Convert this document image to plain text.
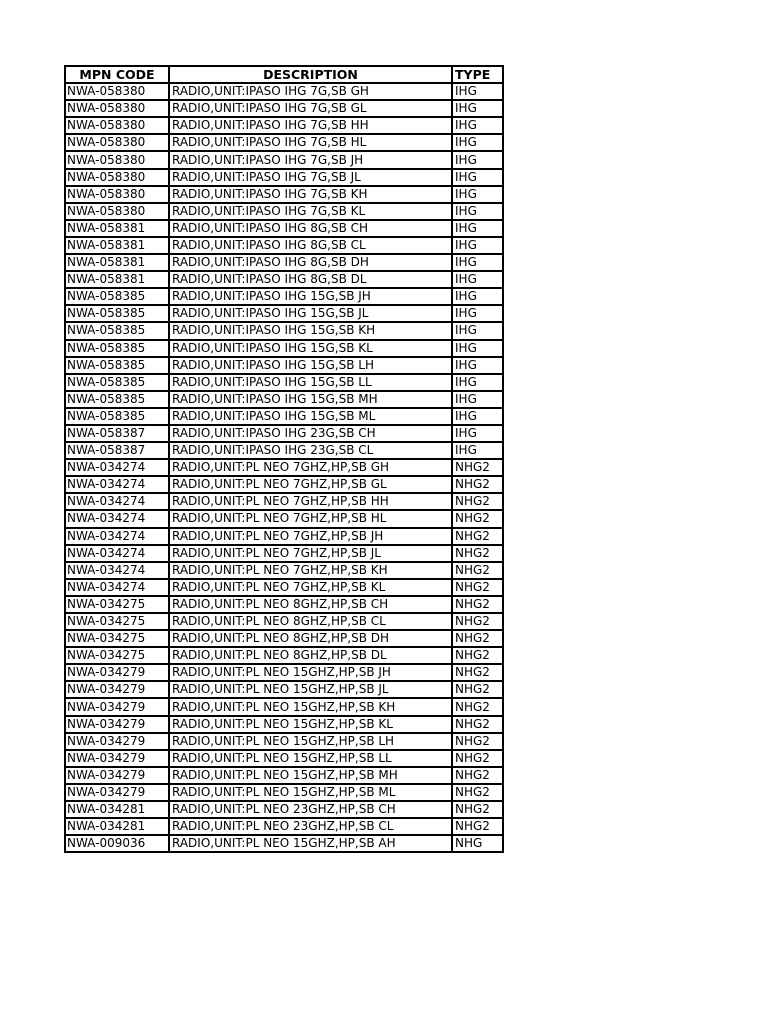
MPN CODE	DESCRIPTION	TYPE
NWA-058380	RADIO,UNIT:IPASO IHG 7G,SB GH	IHG
NWA-058380	RADIO,UNIT:IPASO IHG 7G,SB GL	IHG
NWA-058380	RADIO,UNIT:IPASO IHG 7G,SB HH	IHG
NWA-058380	RADIO,UNIT:IPASO IHG 7G,SB HL	IHG
NWA-058380	RADIO,UNIT:IPASO IHG 7G,SB JH	IHG
NWA-058380	RADIO,UNIT:IPASO IHG 7G,SB JL	IHG
NWA-058380	RADIO,UNIT:IPASO IHG 7G,SB KH	IHG
NWA-058380	RADIO,UNIT:IPASO IHG 7G,SB KL	IHG
NWA-058381	RADIO,UNIT:IPASO IHG 8G,SB CH	IHG
NWA-058381	RADIO,UNIT:IPASO IHG 8G,SB CL	IHG
NWA-058381	RADIO,UNIT:IPASO IHG 8G,SB DH	IHG
NWA-058381	RADIO,UNIT:IPASO IHG 8G,SB DL	IHG
NWA-058385	RADIO,UNIT:IPASO IHG 15G,SB JH	IHG
NWA-058385	RADIO,UNIT:IPASO IHG 15G,SB JL	IHG
NWA-058385	RADIO,UNIT:IPASO IHG 15G,SB KH	IHG
NWA-058385	RADIO,UNIT:IPASO IHG 15G,SB KL	IHG
NWA-058385	RADIO,UNIT:IPASO IHG 15G,SB LH	IHG
NWA-058385	RADIO,UNIT:IPASO IHG 15G,SB LL	IHG
NWA-058385	RADIO,UNIT:IPASO IHG 15G,SB MH	IHG
NWA-058385	RADIO,UNIT:IPASO IHG 15G,SB ML	IHG
NWA-058387	RADIO,UNIT:IPASO IHG 23G,SB CH	IHG
NWA-058387	RADIO,UNIT:IPASO IHG 23G,SB CL	IHG
NWA-034274	RADIO,UNIT:PL NEO 7GHZ,HP,SB GH	NHG2
NWA-034274	RADIO,UNIT:PL NEO 7GHZ,HP,SB GL	NHG2
NWA-034274	RADIO,UNIT:PL NEO 7GHZ,HP,SB HH	NHG2
NWA-034274	RADIO,UNIT:PL NEO 7GHZ,HP,SB HL	NHG2
NWA-034274	RADIO,UNIT:PL NEO 7GHZ,HP,SB JH	NHG2
NWA-034274	RADIO,UNIT:PL NEO 7GHZ,HP,SB JL	NHG2
NWA-034274	RADIO,UNIT:PL NEO 7GHZ,HP,SB KH	NHG2
NWA-034274	RADIO,UNIT:PL NEO 7GHZ,HP,SB KL	NHG2
NWA-034275	RADIO,UNIT:PL NEO 8GHZ,HP,SB CH	NHG2
NWA-034275	RADIO,UNIT:PL NEO 8GHZ,HP,SB CL	NHG2
NWA-034275	RADIO,UNIT:PL NEO 8GHZ,HP,SB DH	NHG2
NWA-034275	RADIO,UNIT:PL NEO 8GHZ,HP,SB DL	NHG2
NWA-034279	RADIO,UNIT:PL NEO 15GHZ,HP,SB JH	NHG2
NWA-034279	RADIO,UNIT:PL NEO 15GHZ,HP,SB JL	NHG2
NWA-034279	RADIO,UNIT:PL NEO 15GHZ,HP,SB KH	NHG2
NWA-034279	RADIO,UNIT:PL NEO 15GHZ,HP,SB KL	NHG2
NWA-034279	RADIO,UNIT:PL NEO 15GHZ,HP,SB LH	NHG2
NWA-034279	RADIO,UNIT:PL NEO 15GHZ,HP,SB LL	NHG2
NWA-034279	RADIO,UNIT:PL NEO 15GHZ,HP,SB MH	NHG2
NWA-034279	RADIO,UNIT:PL NEO 15GHZ,HP,SB ML	NHG2
NWA-034281	RADIO,UNIT:PL NEO 23GHZ,HP,SB CH	NHG2
NWA-034281	RADIO,UNIT:PL NEO 23GHZ,HP,SB CL	NHG2
NWA-009036	RADIO,UNIT:PL NEO 15GHZ,HP,SB AH	NHG
